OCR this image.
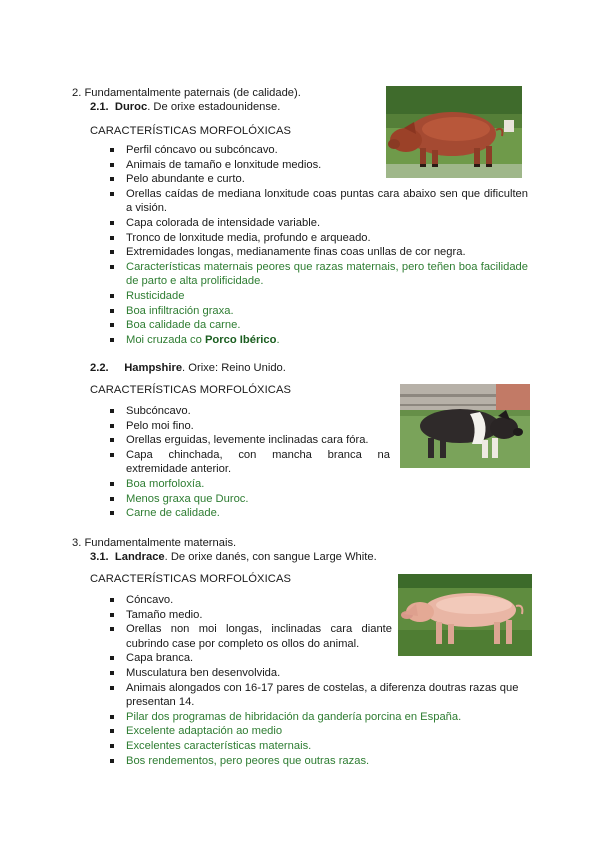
2. Fundamentalmente paternais (de calidade).
2.1. Duroc. De orixe estadounidense.
CARACTERÍSTICAS MORFOLÓXICAS
Perfil cóncavo ou subcóncavo.
Animais de tamaño e lonxitude medios.
Pelo abundante e curto.
Orellas caídas de mediana lonxitude coas puntas cara abaixo sen que dificulten a visión.
Capa colorada de intensidade variable.
Tronco de lonxitude media, profundo e arqueado.
Extremidades longas, medianamente finas coas unllas de cor negra.
Características maternais peores que razas maternais, pero teñen boa facilidade de parto e alta prolificidade.
Rusticidade
Boa infiltración graxa.
Boa calidade da carne.
Moi cruzada co Porco Ibérico.
2.2. Hampshire. Orixe: Reino Unido.
CARACTERÍSTICAS MORFOLÓXICAS
Subcóncavo.
Pelo moi fino.
Orellas erguidas, levemente inclinadas cara fóra.
Capa chinchada, con mancha branca na extremidade anterior.
Boa morfoloxía.
Menos graxa que Duroc.
Carne de calidade.
3. Fundamentalmente maternais.
3.1. Landrace. De orixe danés, con sangue Large White.
CARACTERÍSTICAS MORFOLÓXICAS
Cóncavo.
Tamaño medio.
Orellas non moi longas, inclinadas cara diante cubrindo case por completo os ollos do animal.
Capa branca.
Musculatura ben desenvolvida.
Animais alongados con 16-17 pares de costelas, a diferenza doutras razas que presentan 14.
Pilar dos programas de hibridación da gandería porcina en España.
Excelente adaptación ao medio
Excelentes características maternais.
Bos rendementos, pero peores que outras razas.
